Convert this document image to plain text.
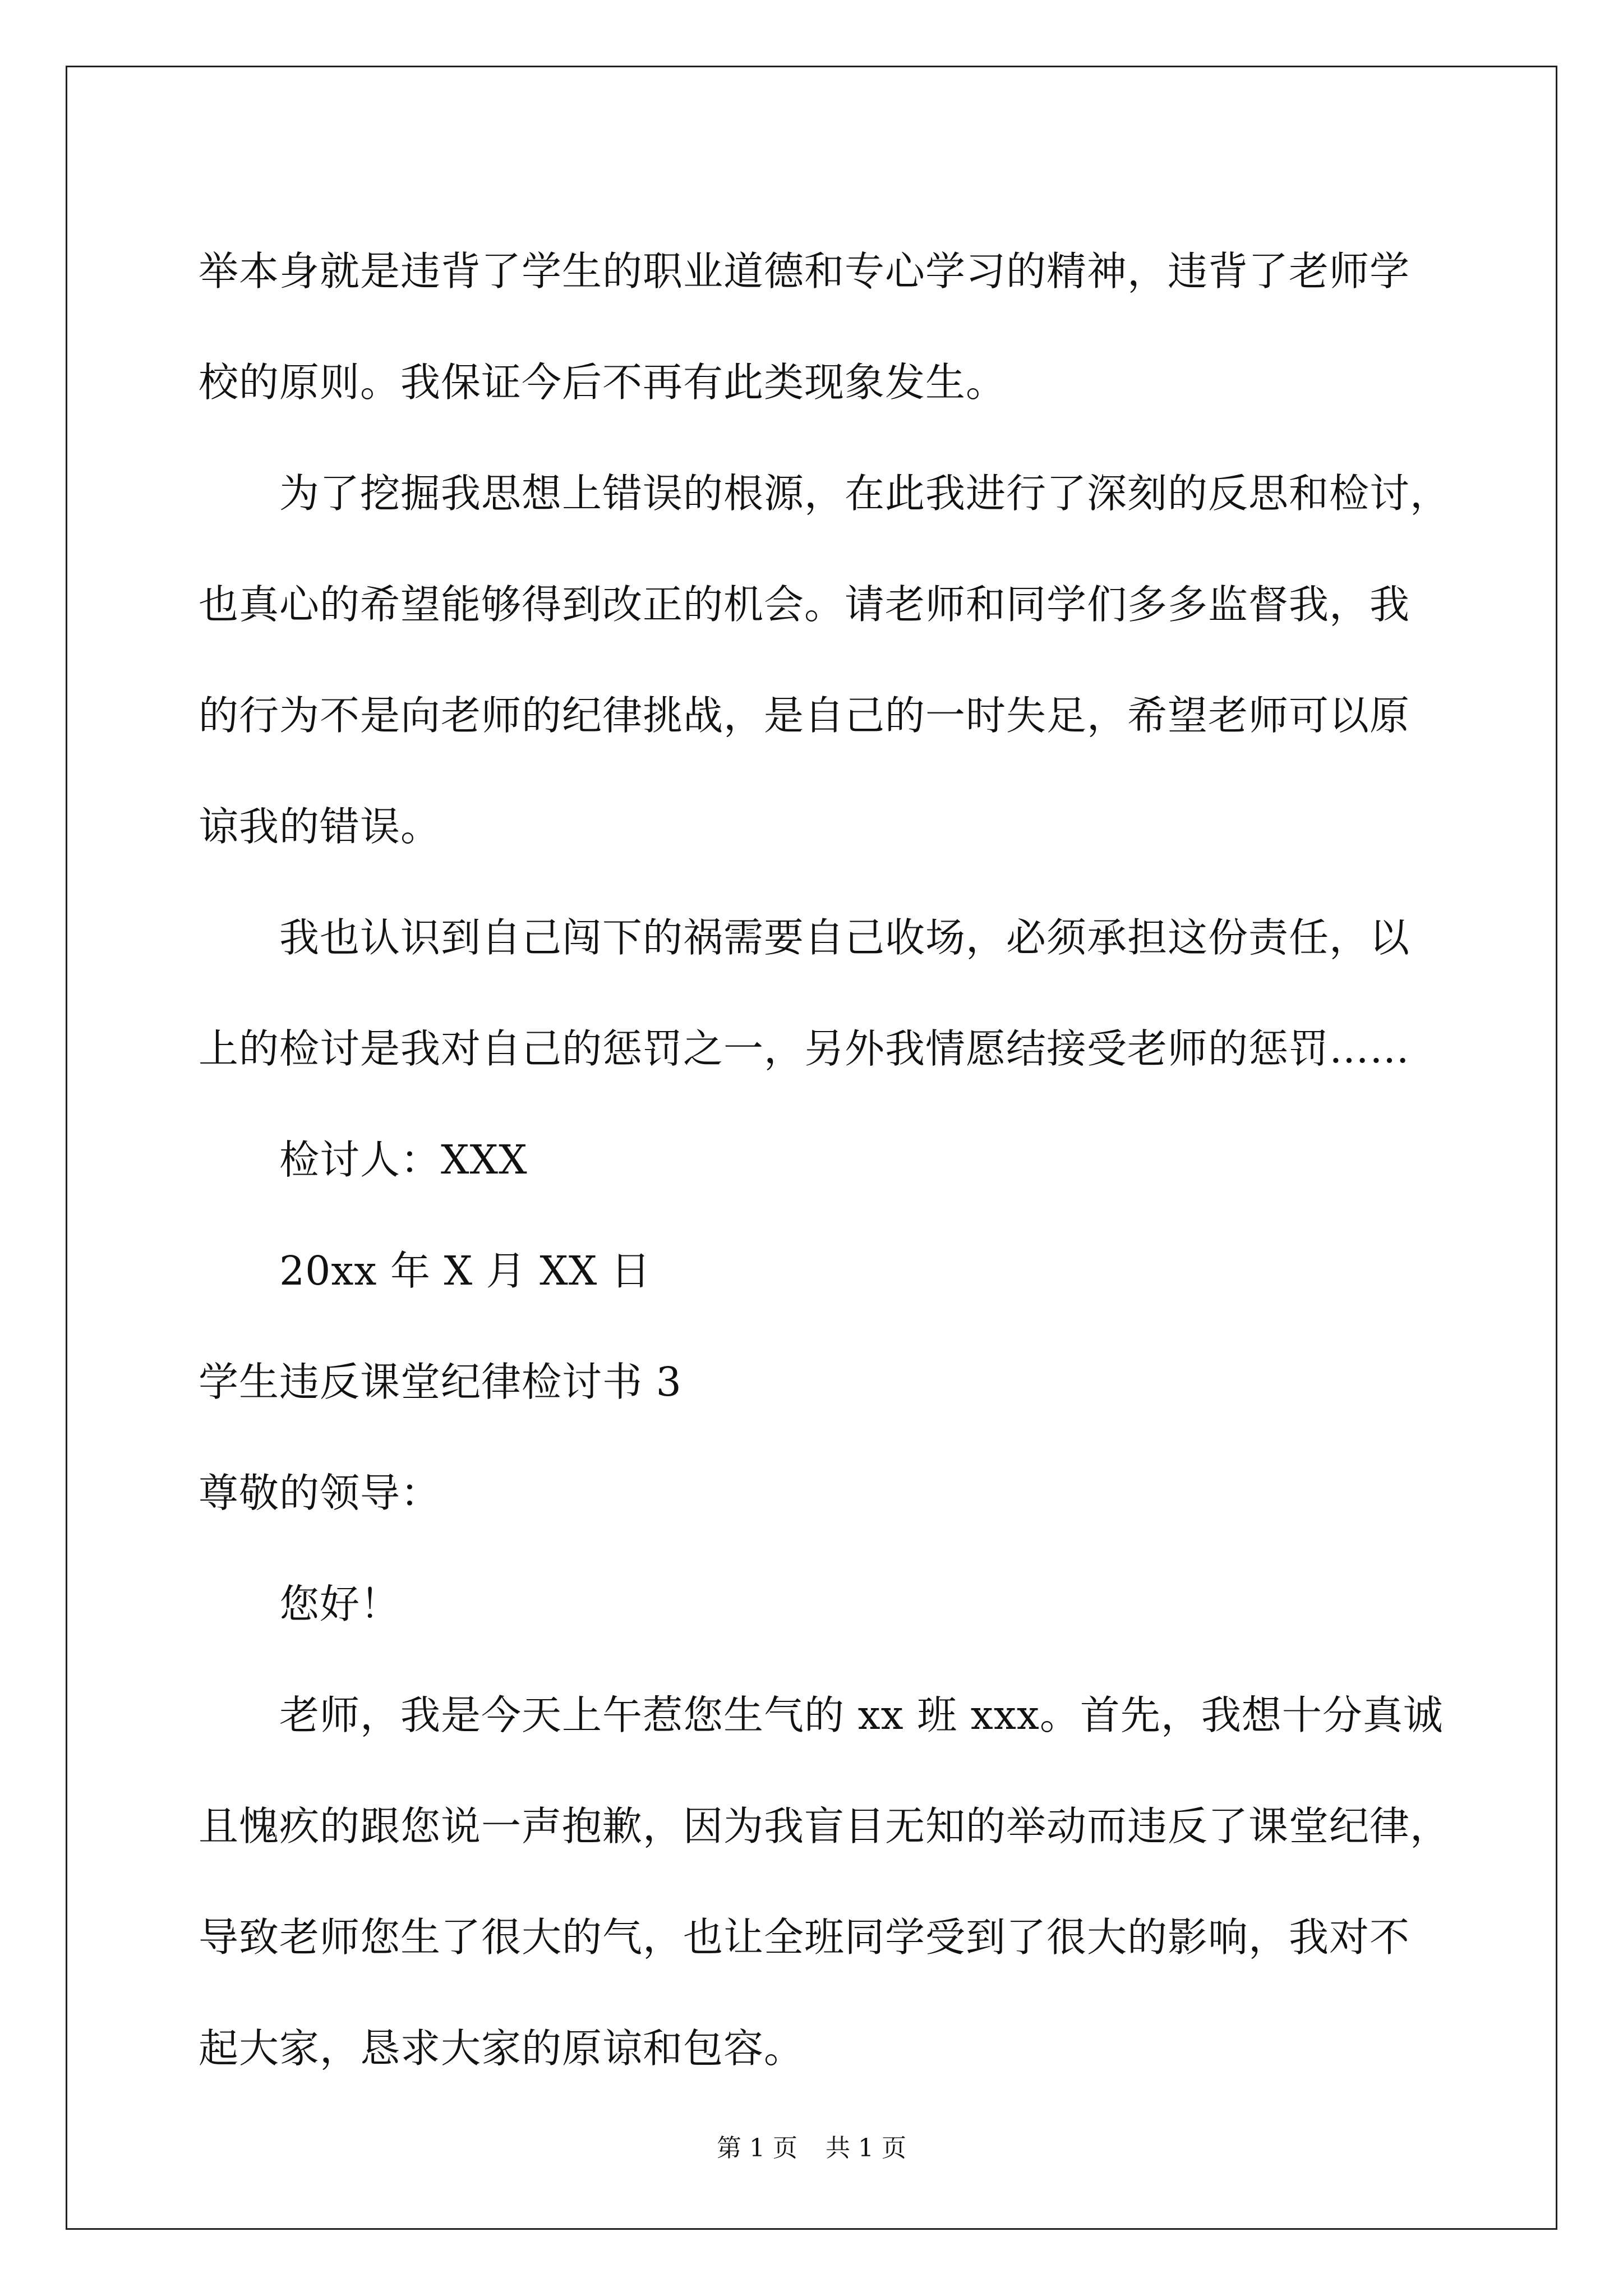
举本身就是违背了学生的职业道德和专心学习的精神，违背了老师学
校的原则。我保证今后不再有此类现象发生。
为了挖掘我思想上错误的根源，在此我进行了深刻的反思和检讨，
也真心的希望能够得到改正的机会。请老师和同学们多多监督我，我
的行为不是向老师的纪律挑战，是自己的一时失足，希望老师可以原
谅我的错误。
我也认识到自己闯下的祸需要自己收场，必须承担这份责任，以
上的检讨是我对自己的惩罚之一，另外我情愿结接受老师的惩罚……
检讨人：XXX
20xx 年 X 月 XX 日
学生违反课堂纪律检讨书 3
尊敬的领导：
您好！
老师，我是今天上午惹您生气的 xx 班 xxx。首先，我想十分真诚
且愧疚的跟您说一声抱歉，因为我盲目无知的举动而违反了课堂纪律，
导致老师您生了很大的气，也让全班同学受到了很大的影响，我对不
起大家，恳求大家的原谅和包容。
第 1 页 共 1 页
